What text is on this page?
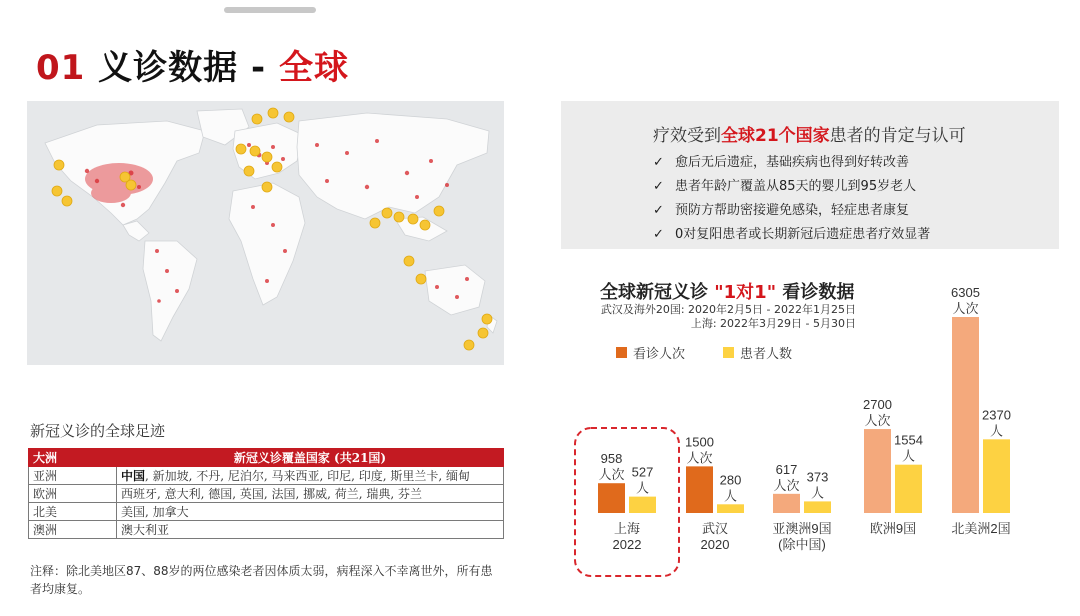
01 义诊数据 - 全球
新冠义诊的全球足迹
大洲	新冠义诊覆盖国家 (共21国)
亚洲	中国, 新加坡, 不丹, 尼泊尔, 马来西亚, 印尼, 印度, 斯里兰卡, 缅甸
欧洲	西班牙, 意大利, 德国, 英国, 法国, 挪威, 荷兰, 瑞典, 芬兰
北美	美国, 加拿大
澳洲	澳大利亚
注释：除北美地区87、88岁的两位感染老者因体质太弱，病程深入不幸离世外，所有患者均康复。
疗效受到全球21个国家患者的肯定与认可
✓ 愈后无后遗症，基础疾病也得到好转改善
✓ 患者年龄广覆盖从85天的婴儿到95岁老人
✓ 预防方帮助密接避免感染，轻症患者康复
✓ 0对复阳患者或长期新冠后遗症患者疗效显著
全球新冠义诊 "1对1" 看诊数据
武汉及海外20国: 2020年2月5日 - 2022年1月25日
上海: 2022年3月29日 - 5月30日
看诊人次	患者人数
958 人次 527 人
上海 2022
1500 人次
280 人
武汉 2020
617 人次
373 人
亚澳洲9国(除中国)
2700 人次
1554 人
欧洲9国
6305 人次
2370 人
北美洲2国
